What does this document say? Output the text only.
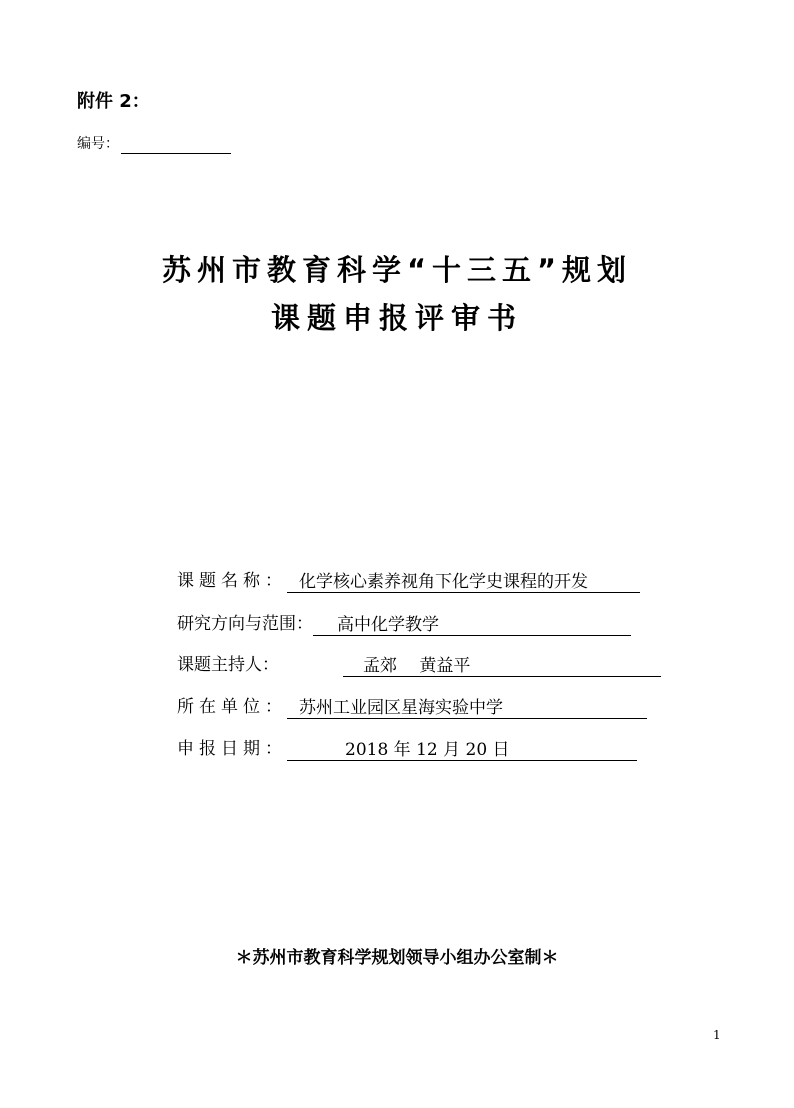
附件 2：
编号：
苏州市教育科学“十三五”规划
课题申报评审书
课题名称： 化学核心素养视角下化学史课程的开发
研究方向与范围：	高中化学教学
课题主持人：	孟郊　 黄益平
所在单位： 苏州工业园区星海实验中学
申报日期：	2018 年 12 月 20 日
＊苏州市教育科学规划领导小组办公室制＊
1
